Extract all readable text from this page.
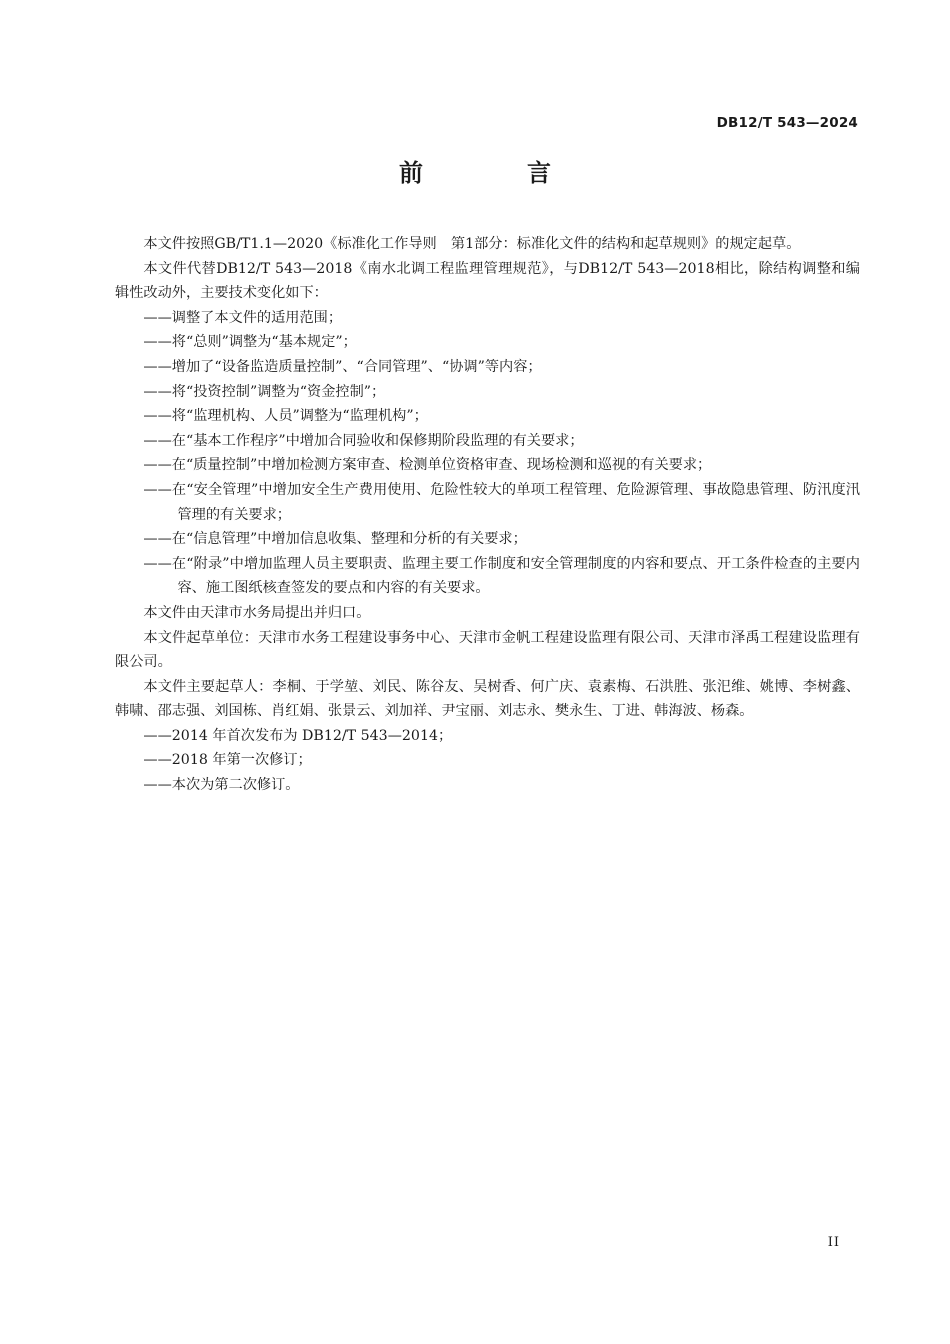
DB12/T 543—2024
前　言

本文件按照GB/T1.1—2020《标准化工作导则　第1部分：标准化文件的结构和起草规则》的规定起草。

本文件代替DB12/T 543—2018《南水北调工程监理管理规范》，与DB12/T 543—2018相比，除结构调整和编辑性改动外，主要技术变化如下：

——调整了本文件的适用范围；

——将“总则”调整为“基本规定”；

——增加了“设备监造质量控制”、“合同管理”、“协调”等内容；

——将“投资控制”调整为“资金控制”；

——将“监理机构、人员”调整为“监理机构”；

——在“基本工作程序”中增加合同验收和保修期阶段监理的有关要求；

——在“质量控制”中增加检测方案审查、检测单位资格审查、现场检测和巡视的有关要求；

——在“安全管理”中增加安全生产费用使用、危险性较大的单项工程管理、危险源管理、事故隐患管理、防汛度汛管理的有关要求；

——在“信息管理”中增加信息收集、整理和分析的有关要求；

——在“附录”中增加监理人员主要职责、监理主要工作制度和安全管理制度的内容和要点、开工条件检查的主要内容、施工图纸核查签发的要点和内容的有关要求。

本文件由天津市水务局提出并归口。

本文件起草单位：天津市水务工程建设事务中心、天津市金帆工程建设监理有限公司、天津市泽禹工程建设监理有限公司。

本文件主要起草人：李桐、于学堃、刘民、陈谷友、吴树香、何广庆、袁素梅、石洪胜、张汜维、姚博、李树鑫、韩啸、邵志强、刘国栋、肖红娟、张景云、刘加祥、尹宝丽、刘志永、樊永生、丁进、韩海波、杨森。

——2014 年首次发布为 DB12/T 543—2014；

——2018 年第一次修订；

——本次为第二次修订。

II
